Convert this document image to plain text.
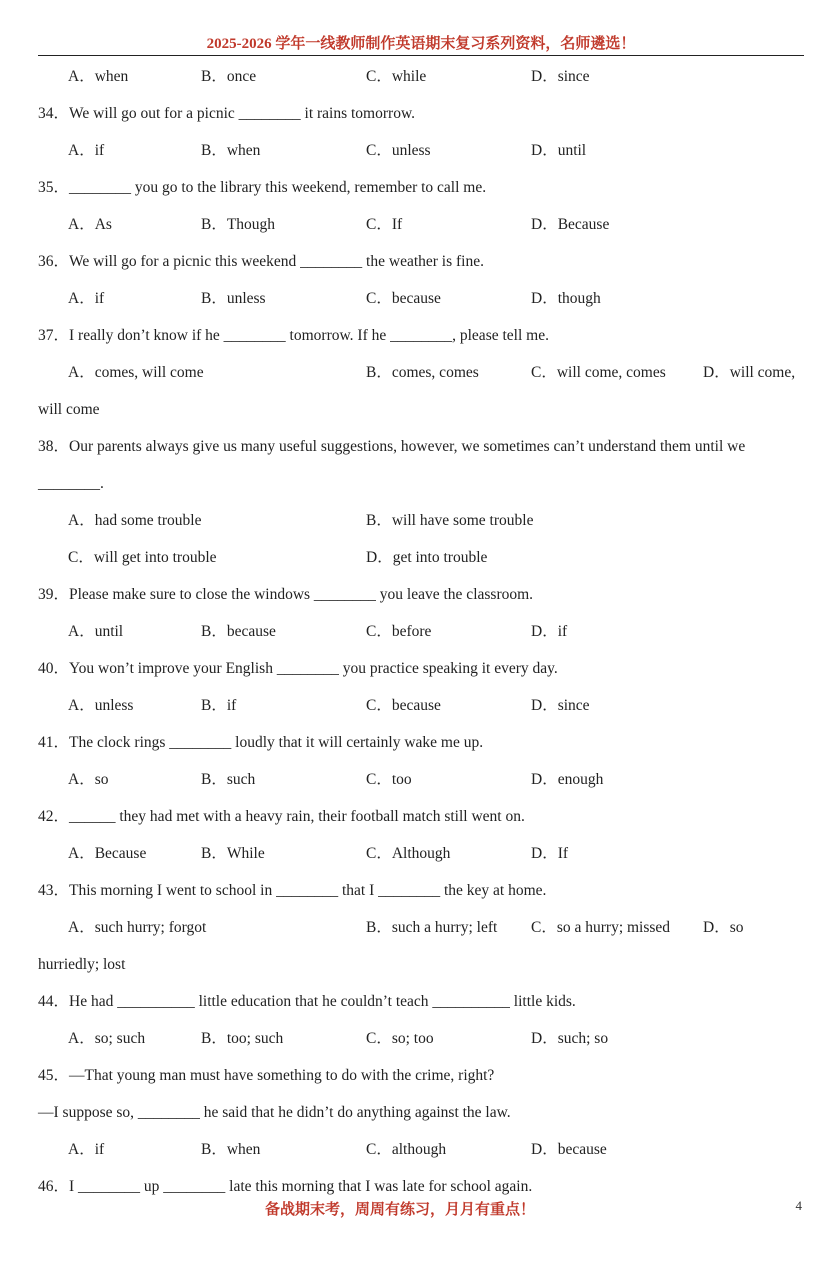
2025-2026 学年一线教师制作英语期末复习系列资料，名师遴选！
A．when	B．once	C．while	D．since
34．We will go out for a picnic ________ it rains tomorrow.
A．if	B．when	C．unless	D．until
35．________ you go to the library this weekend, remember to call me.
A．As	B．Though	C．If	D．Because
36．We will go for a picnic this weekend ________ the weather is fine.
A．if	B．unless	C．because	D．though
37．I really don’t know if he ________ tomorrow. If he ________, please tell me.
A．comes, will come	B．comes, comes	C．will come, comes D．will come,
will come
38．Our parents always give us many useful suggestions, however, we sometimes can’t understand them until we
________.
A．had some trouble	B．will have some trouble
C．will get into trouble	D．get into trouble
39．Please make sure to close the windows ________ you leave the classroom.
A．until	B．because	C．before	D．if
40．You won’t improve your English ________ you practice speaking it every day.
A．unless	B．if	C．because	D．since
41．The clock rings ________ loudly that it will certainly wake me up.
A．so	B．such	C．too	D．enough
42．______ they had met with a heavy rain, their football match still went on.
A．Because	B．While	C．Although	D．If
43．This morning I went to school in ________ that I ________ the key at home.
A．such hurry; forgot	B．such a hurry; left C．so a hurry; missed D．so
hurriedly; lost
44．He had __________ little education that he couldn’t teach __________ little kids.
A．so; such	B．too; such	C．so; too	D．such; so
45．—That young man must have something to do with the crime, right?
—I suppose so, ________ he said that he didn’t do anything against the law.
A．if	B．when	C．although	D．because
46．I ________ up ________ late this morning that I was late for school again.
备战期末考，周周有练习，月月有重点！	4
